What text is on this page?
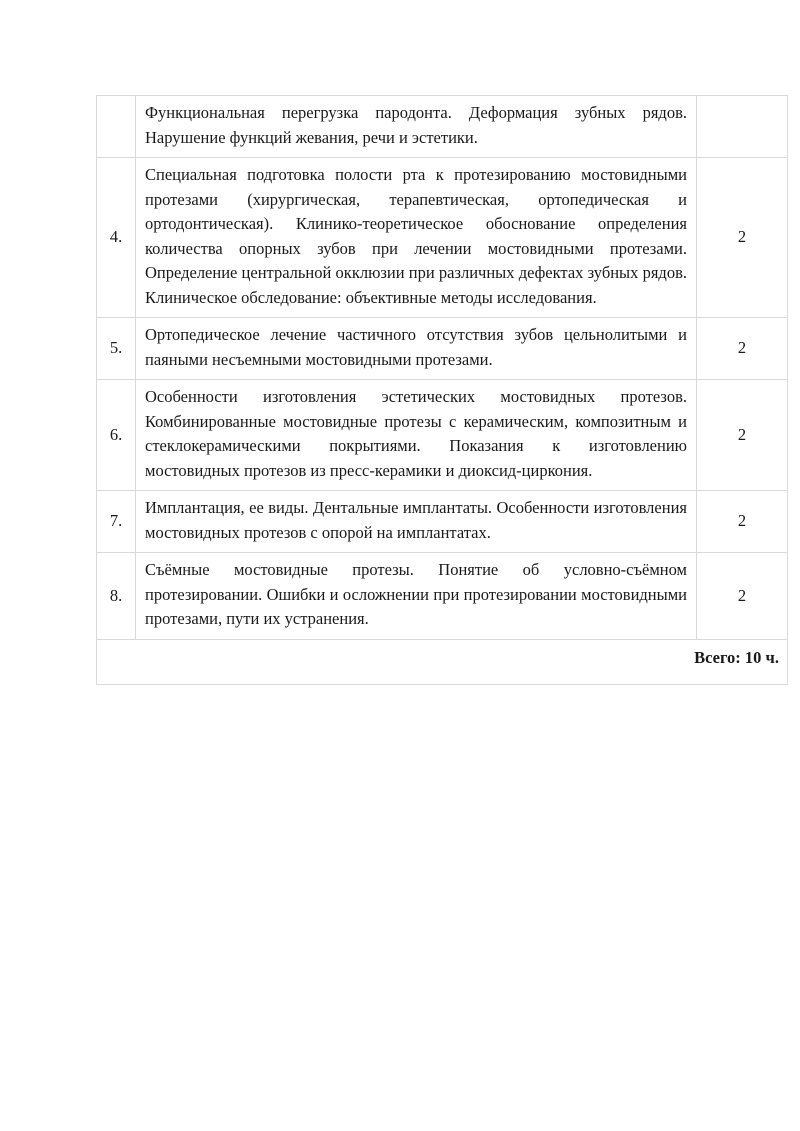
	Функциональная перегрузка пародонта. Деформация зубных рядов. Нарушение функций жевания, речи и эстетики.	
4.	Специальная подготовка полости рта к протезированию мостовидными протезами (хирургическая, терапевтическая, ортопедическая и ортодонтическая). Клинико-теоретическое обоснование определения количества опорных зубов при лечении мостовидными протезами. Определение центральной окклюзии при различных дефектах зубных рядов. Клиническое обследование: объективные методы исследования.	2
5.	Ортопедическое лечение частичного отсутствия зубов цельнолитыми и паяными несъемными мостовидными протезами.	2
6.	Особенности изготовления эстетических мостовидных протезов. Комбинированные мостовидные протезы с керамическим, композитным и стеклокерамическими покрытиями. Показания к изготовлению мостовидных протезов из пресс-керамики и диоксид-циркония.	2
7.	Имплантация, ее виды. Дентальные имплантаты. Особенности изготовления мостовидных протезов с опорой на имплантатах.	2
8.	Съёмные мостовидные протезы. Понятие об условно-съёмном протезировании. Ошибки и осложнении при протезировании мостовидными протезами, пути их устранения.	2
Всего: 10 ч.		
